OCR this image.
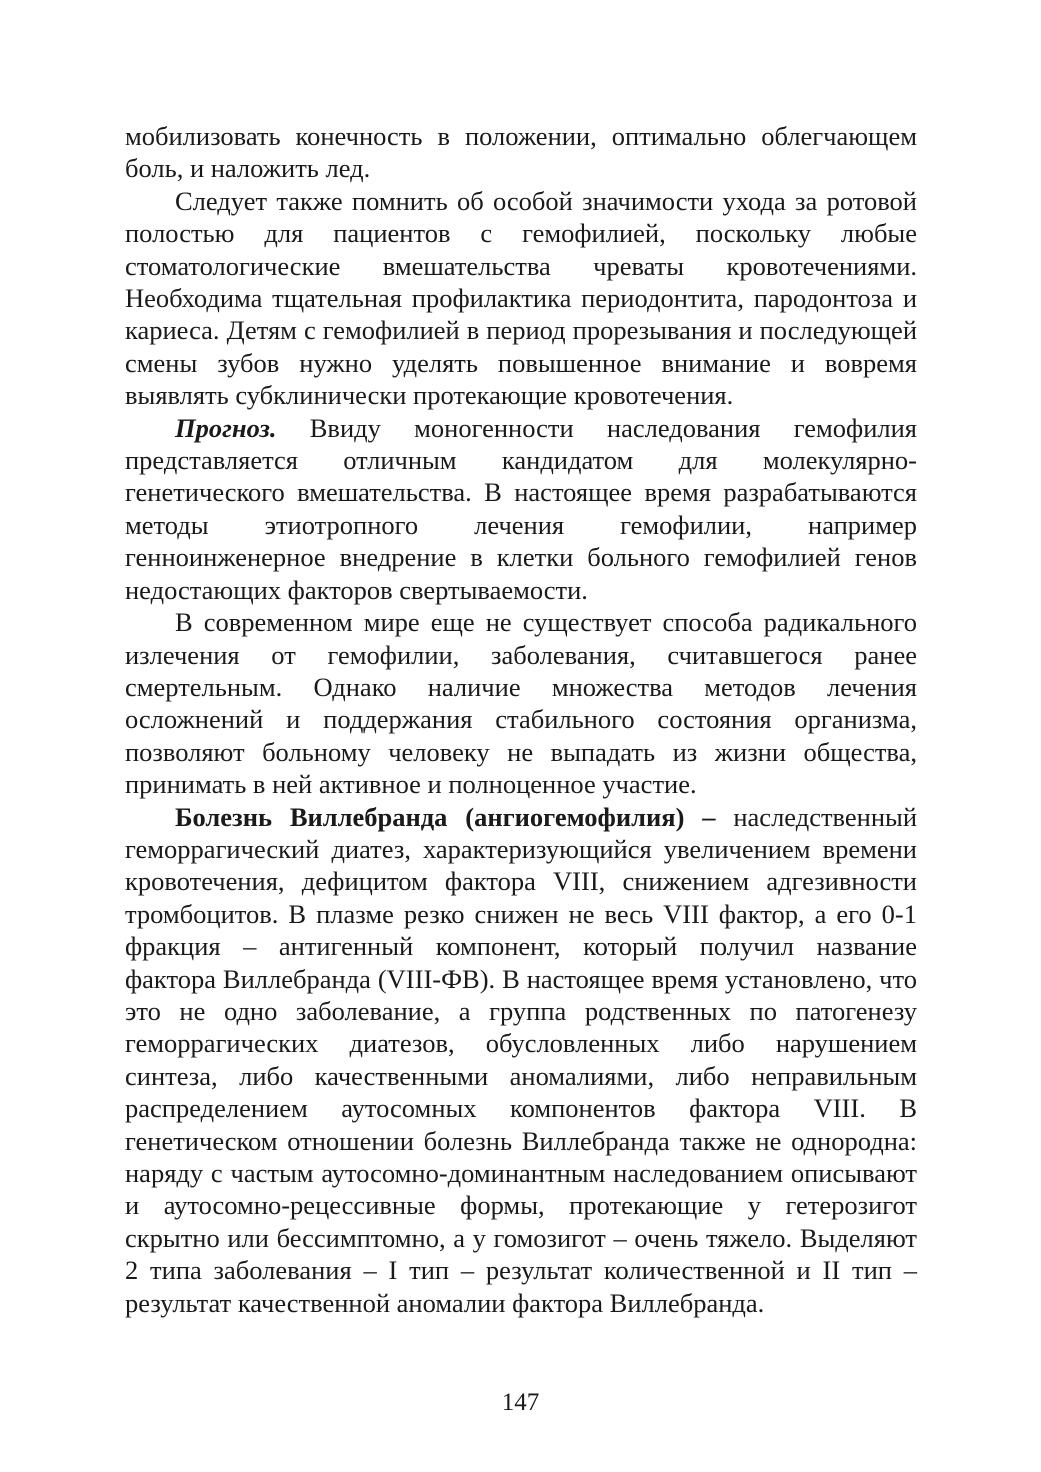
мобилизовать конечность в положении, оптимально облегчающем боль, и наложить лед.

Следует также помнить об особой значимости ухода за ротовой полостью для пациентов с гемофилией, поскольку любые стоматологические вмешательства чреваты кровотечениями. Необходима тщательная профилактика периодонтита, пародонтоза и кариеса. Детям с гемофилией в период прорезывания и последующей смены зубов нужно уделять повышенное внимание и вовремя выявлять субклинически протекающие кровотечения.

Прогноз. Ввиду моногенности наследования гемофилия представляется отличным кандидатом для молекулярно-генетического вмешательства. В настоящее время разрабатываются методы этиотропного лечения гемофилии, например генноинженерное внедрение в клетки больного гемофилией генов недостающих факторов свертываемости.

В современном мире еще не существует способа радикального излечения от гемофилии, заболевания, считавшегося ранее смертельным. Однако наличие множества методов лечения осложнений и поддержания стабильного состояния организма, позволяют больному человеку не выпадать из жизни общества, принимать в ней активное и полноценное участие.

Болезнь Виллебранда (ангиогемофилия) – наследственный геморрагический диатез, характеризующийся увеличением времени кровотечения, дефицитом фактора VIII, снижением адгезивности тромбоцитов. В плазме резко снижен не весь VIII фактор, а его 0-1 фракция – антигенный компонент, который получил название фактора Виллебранда (VIII-ФВ). В настоящее время установлено, что это не одно заболевание, а группа родственных по патогенезу геморрагических диатезов, обусловленных либо нарушением синтеза, либо качественными аномалиями, либо неправильным распределением аутосомных компонентов фактора VIII. В генетическом отношении болезнь Виллебранда также не однородна: наряду с частым аутосомно-доминантным наследованием описывают и аутосомно-рецессивные формы, протекающие у гетерозигот скрытно или бессимптомно, а у гомозигот – очень тяжело. Выделяют 2 типа заболевания – I тип – результат количественной и II тип – результат качественной аномалии фактора Виллебранда.

147
